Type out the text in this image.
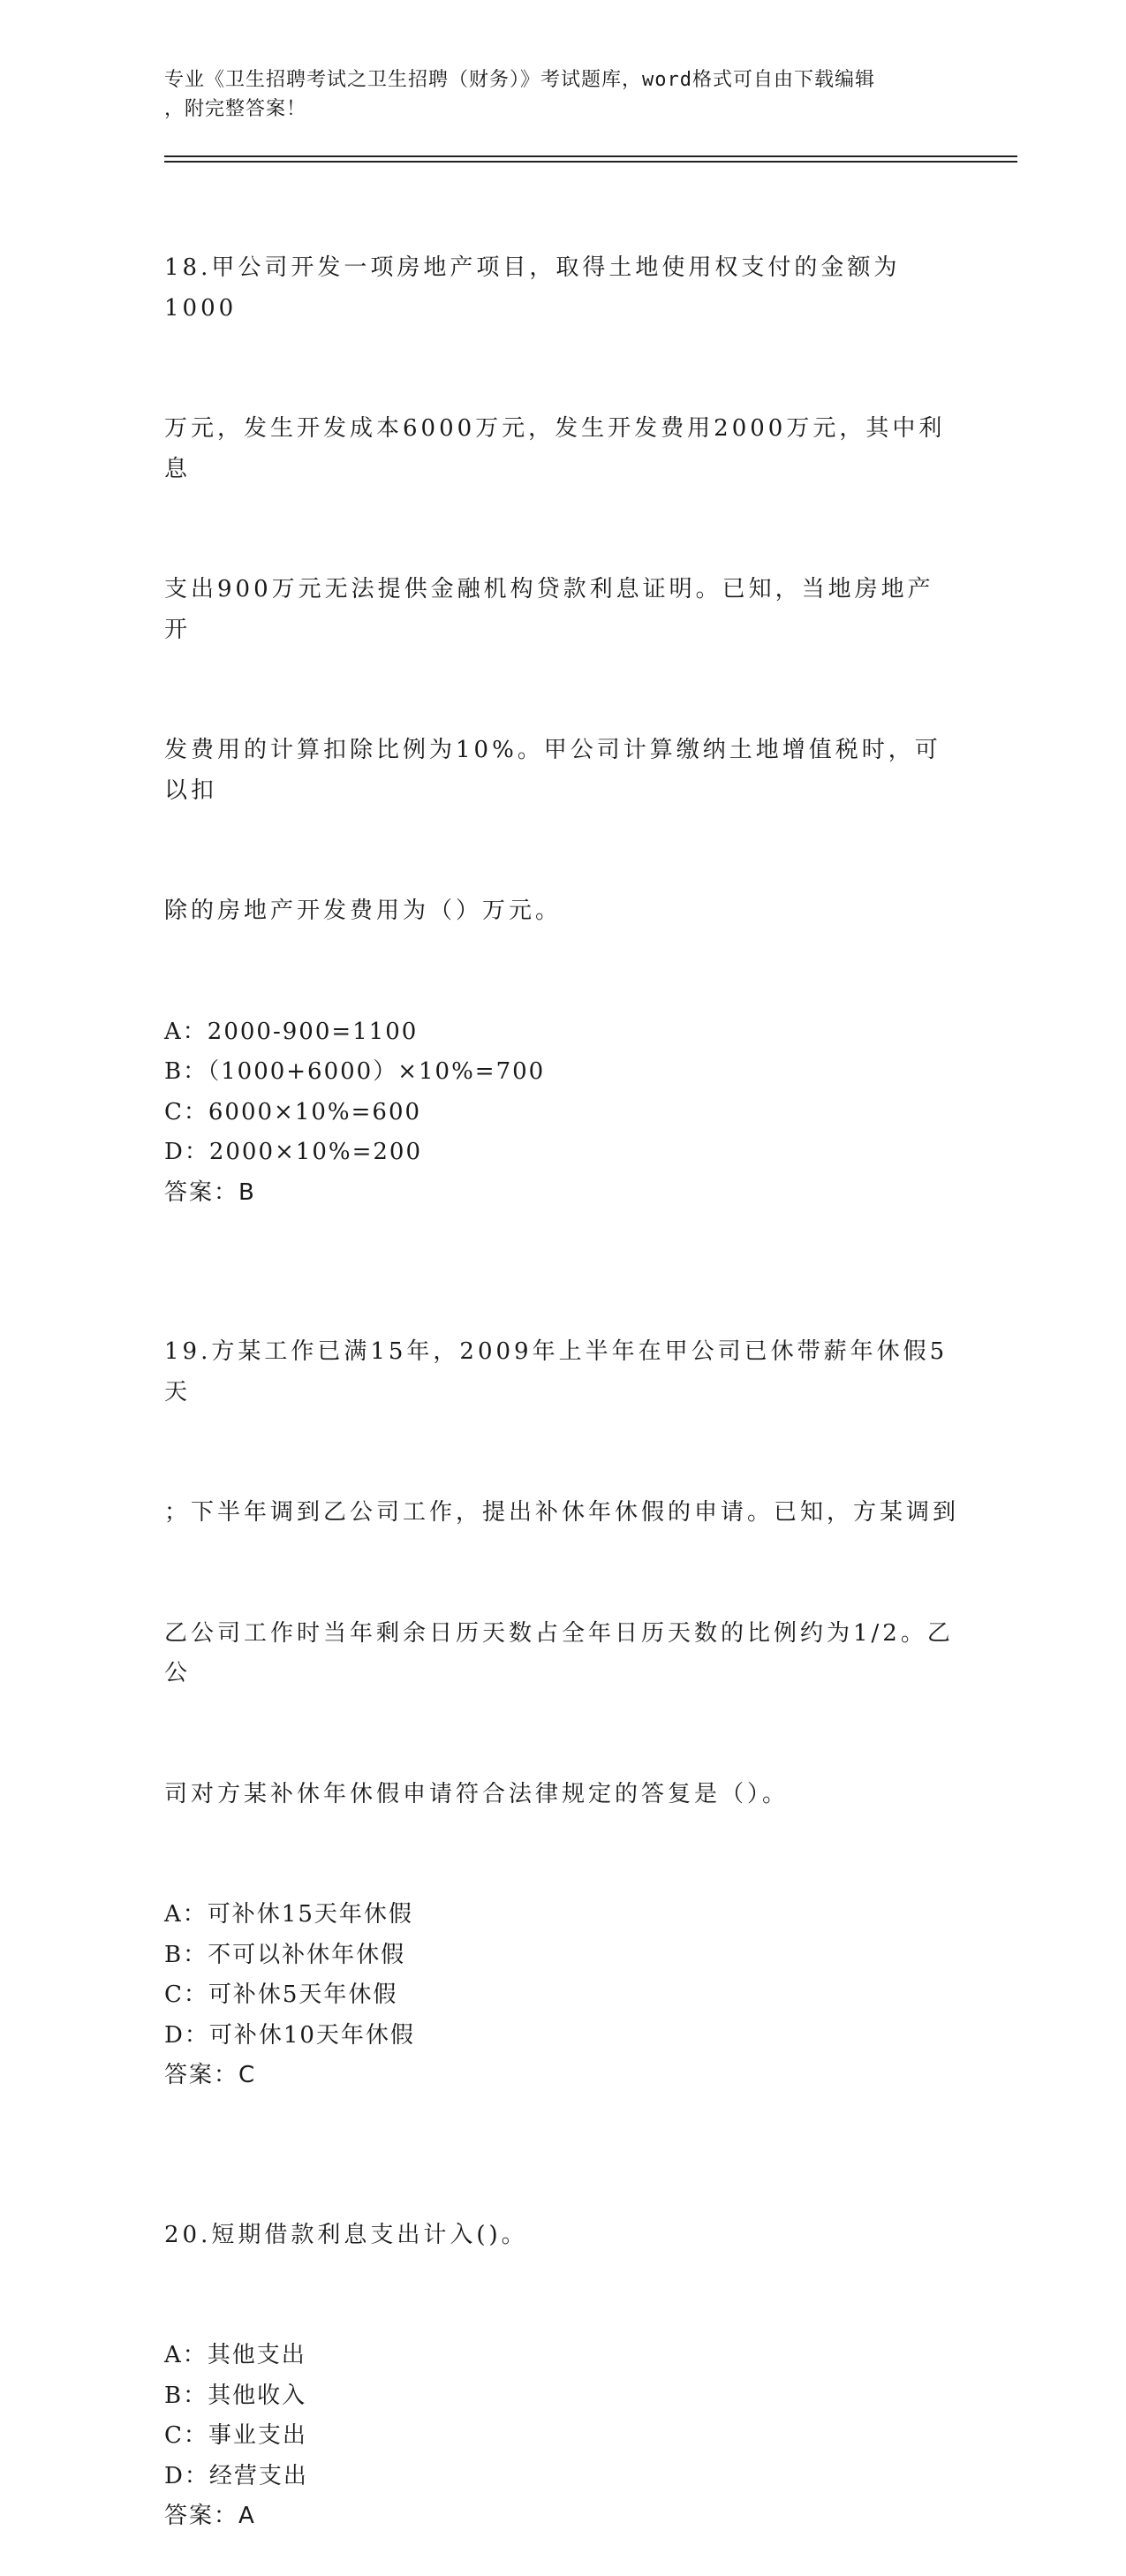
专业《卫生招聘考试之卫生招聘（财务）》考试题库，word格式可自由下载编辑
，附完整答案！

18.甲公司开发一项房地产项目，取得土地使用权支付的金额为1000

万元，发生开发成本6000万元，发生开发费用2000万元，其中利息

支出900万元无法提供金融机构贷款利息证明。已知，当地房地产开

发费用的计算扣除比例为10%。甲公司计算缴纳土地增值税时，可以扣

除的房地产开发费用为（）万元。

A：2000-900=1100
B：（1000+6000）×10%=700
C：6000×10%=600
D：2000×10%=200
答案：B

19.方某工作已满15年，2009年上半年在甲公司已休带薪年休假5天

；下半年调到乙公司工作，提出补休年休假的申请。已知，方某调到

乙公司工作时当年剩余日历天数占全年日历天数的比例约为1/2。乙公

司对方某补休年休假申请符合法律规定的答复是（）。

A：可补休15天年休假
B：不可以补休年休假
C：可补休5天年休假
D：可补休10天年休假
答案：C

20.短期借款利息支出计入()。

A：其他支出
B：其他收入
C：事业支出
D：经营支出
答案：A
